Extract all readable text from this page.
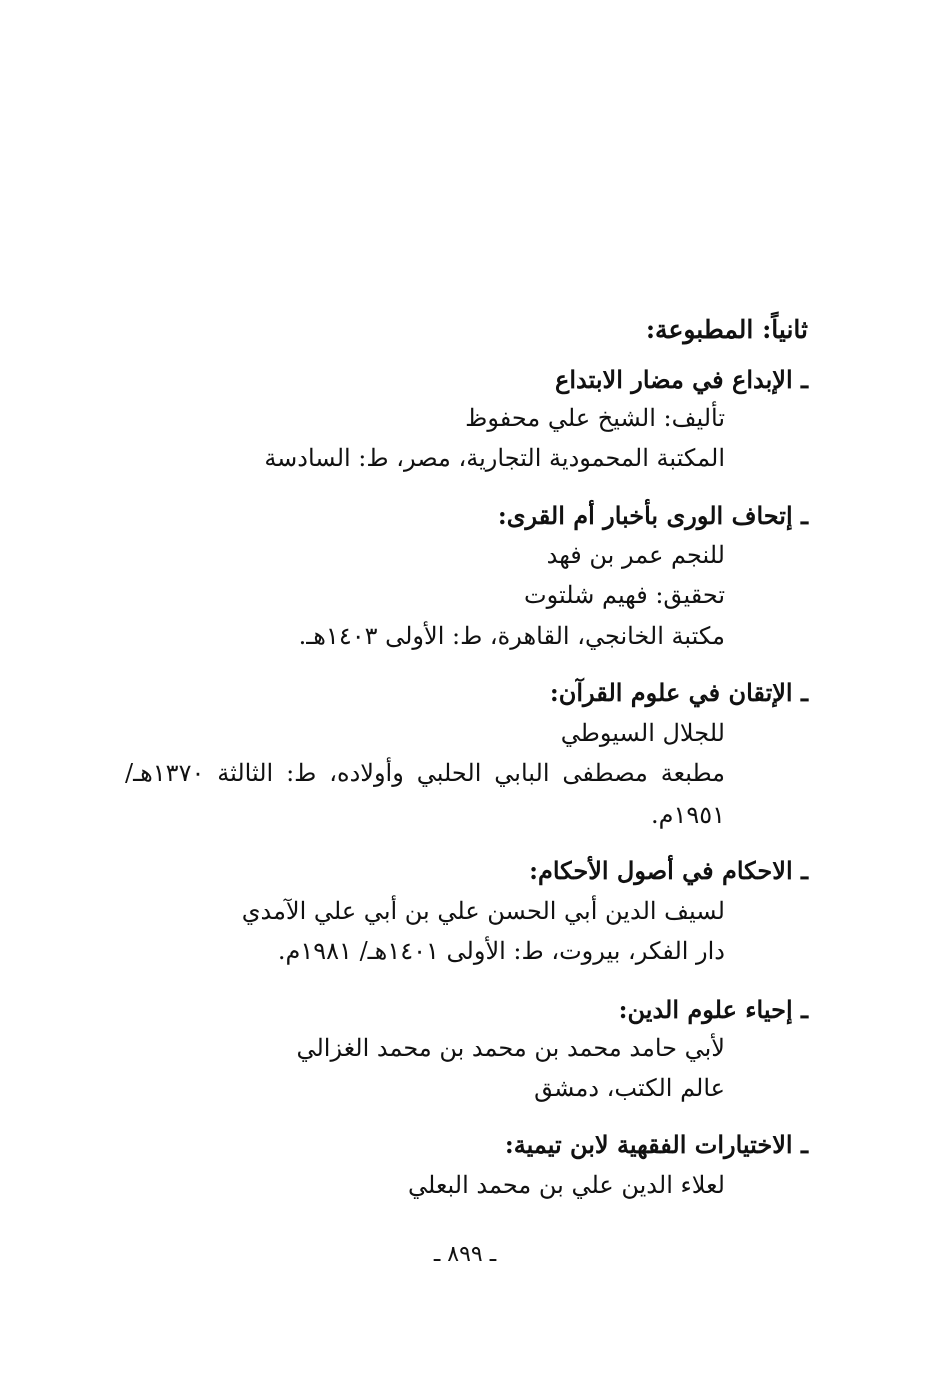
ثانياً: المطبوعة:
ـ الإبداع في مضار الابتداع
تأليف: الشيخ علي محفوظ
المكتبة المحمودية التجارية، مصر، ط: السادسة
ـ إتحاف الورى بأخبار أم القرى:
للنجم عمر بن فهد
تحقيق: فهيم شلتوت
مكتبة الخانجي، القاهرة، ط: الأولى ١٤٠٣هـ.
ـ الإتقان في علوم القرآن:
للجلال السيوطي
مطبعة مصطفى البابي الحلبي وأولاده، ط: الثالثة ١٣٧٠هـ/
١٩٥١م.
ـ الاحكام في أصول الأحكام:
لسيف الدين أبي الحسن علي بن أبي علي الآمدي
دار الفكر، بيروت، ط: الأولى ١٤٠١هـ/ ١٩٨١م.
ـ إحياء علوم الدين:
لأبي حامد محمد بن محمد بن محمد الغزالي
عالم الكتب، دمشق
ـ الاختيارات الفقهية لابن تيمية:
لعلاء الدين علي بن محمد البعلي
ـ ٨٩٩ ـ
